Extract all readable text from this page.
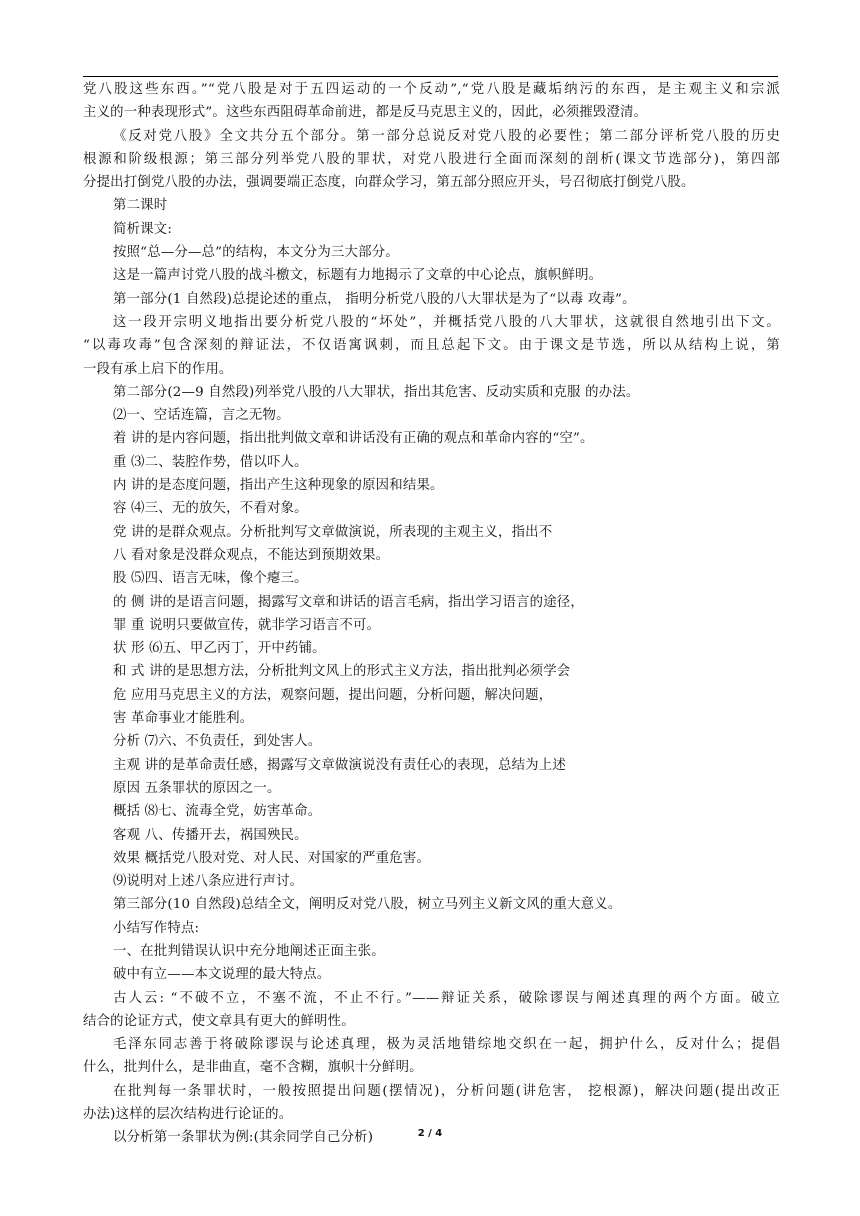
党八股这些东西。”“党八股是对于五四运动的一个反动”,“党八股是藏垢纳污的东西，是主观主义和宗派
主义的一种表现形式”。这些东西阻碍革命前进，都是反马克思主义的，因此，必须摧毁澄清。
《反对党八股》全文共分五个部分。第一部分总说反对党八股的必要性；第二部分评析党八股的历史
根源和阶级根源；第三部分列举党八股的罪状，对党八股进行全面而深刻的剖析(课文节选部分)，第四部
分提出打倒党八股的办法，强调要端正态度，向群众学习，第五部分照应开头，号召彻底打倒党八股。
第二课时
简析课文:
按照“总—分—总”的结构，本文分为三大部分。
这是一篇声讨党八股的战斗檄文，标题有力地揭示了文章的中心论点，旗帜鲜明。
第一部分(1 自然段)总提论述的重点， 指明分析党八股的八大罪状是为了“以毒 攻毒”。
这一段开宗明义地指出要分析党八股的“坏处”，并概括党八股的八大罪状，这就很自然地引出下文。
“以毒攻毒”包含深刻的辩证法，不仅语寓讽刺，而且总起下文。由于课文是节选，所以从结构上说，第
一段有承上启下的作用。
第二部分(2—9 自然段)列举党八股的八大罪状，指出其危害、反动实质和克服 的办法。
⑵一、空话连篇，言之无物。
着 讲的是内容问题，指出批判做文章和讲话没有正确的观点和革命内容的“空”。
重 ⑶二、装腔作势，借以吓人。
内 讲的是态度问题，指出产生这种现象的原因和结果。
容 ⑷三、无的放矢，不看对象。
党 讲的是群众观点。分析批判写文章做演说，所表现的主观主义，指出不
八 看对象是没群众观点，不能达到预期效果。
股 ⑸四、语言无味，像个瘪三。
的 侧 讲的是语言问题，揭露写文章和讲话的语言毛病，指出学习语言的途径，
罪 重 说明只要做宣传，就非学习语言不可。
状 形 ⑹五、甲乙丙丁，开中药铺。
和 式 讲的是思想方法，分析批判文风上的形式主义方法，指出批判必须学会
危 应用马克思主义的方法，观察问题，提出问题，分析问题，解决问题，
害 革命事业才能胜利。
分析 ⑺六、不负责任，到处害人。
主观 讲的是革命责任感，揭露写文章做演说没有责任心的表现，总结为上述
原因 五条罪状的原因之一。
概括 ⑻七、流毒全党，妨害革命。
客观 八、传播开去，祸国殃民。
效果 概括党八股对党、对人民、对国家的严重危害。
⑼说明对上述八条应进行声讨。
第三部分(10 自然段)总结全文，阐明反对党八股，树立马列主义新文风的重大意义。
小结写作特点:
一、在批判错误认识中充分地阐述正面主张。
破中有立——本文说理的最大特点。
古人云: “不破不立，不塞不流，不止不行。”——辩证关系，破除谬误与阐述真理的两个方面。破立
结合的论证方式，使文章具有更大的鲜明性。
毛泽东同志善于将破除谬误与论述真理，极为灵活地错综地交织在一起，拥护什么，反对什么；提倡
什么，批判什么，是非曲直，毫不含糊，旗帜十分鲜明。
在批判每一条罪状时，一般按照提出问题(摆情况)，分析问题(讲危害， 挖根源)，解决问题(提出改正
办法)这样的层次结构进行论证的。
以分析第一条罪状为例:(其余同学自己分析)	2 / 4
